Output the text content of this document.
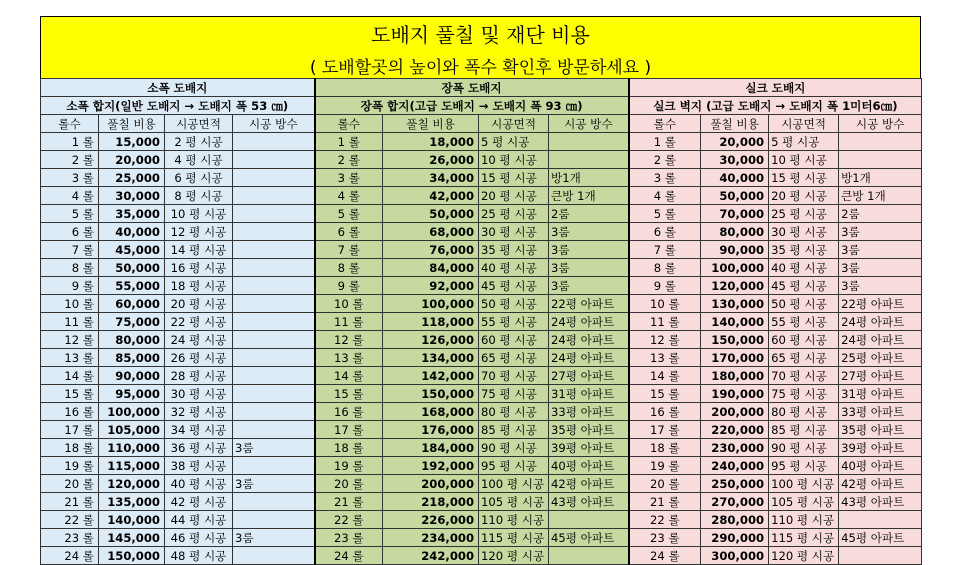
도배지 풀칠 및 재단 비용
( 도배할곳의 높이와 폭수 확인후 방문하세요 )
소폭 도배지				장폭 도배지				실크 도배지			
소폭 합지(일반 도배지 → 도배지 폭 53 ㎝)				장폭 합지(고급 도배지 → 도배지 폭 93 ㎝)				실크 벽지 (고급 도배지 → 도배지 폭 1미터6㎝)			
롤수	풀칠 비용	시공면적	시공 방수	롤수	풀칠 비용	시공면적	시공 방수	롤수	풀칠 비용	시공면적	시공 방수
1 롤	15,000	2 평 시공		1 롤	18,000	5 평 시공		1 롤	20,000	5 평 시공	
2 롤	20,000	4 평 시공		2 롤	26,000	10 평 시공		2 롤	30,000	10 평 시공	
3 롤	25,000	6 평 시공		3 롤	34,000	15 평 시공	방1개	3 롤	40,000	15 평 시공	방1개
4 롤	30,000	8 평 시공		4 롤	42,000	20 평 시공	큰방 1개	4 롤	50,000	20 평 시공	큰방 1개
5 롤	35,000	10 평 시공		5 롤	50,000	25 평 시공	2룸	5 롤	70,000	25 평 시공	2룸
6 롤	40,000	12 평 시공		6 롤	68,000	30 평 시공	3룸	6 롤	80,000	30 평 시공	3룸
7 롤	45,000	14 평 시공		7 롤	76,000	35 평 시공	3룸	7 롤	90,000	35 평 시공	3룸
8 롤	50,000	16 평 시공		8 롤	84,000	40 평 시공	3룸	8 롤	100,000	40 평 시공	3룸
9 롤	55,000	18 평 시공		9 롤	92,000	45 평 시공	3룸	9 롤	120,000	45 평 시공	3룸
10 롤	60,000	20 평 시공		10 롤	100,000	50 평 시공	22평 아파트	10 롤	130,000	50 평 시공	22평 아파트
11 롤	75,000	22 평 시공		11 롤	118,000	55 평 시공	24평 아파트	11 롤	140,000	55 평 시공	24평 아파트
12 롤	80,000	24 평 시공		12 롤	126,000	60 평 시공	24평 아파트	12 롤	150,000	60 평 시공	24평 아파트
13 롤	85,000	26 평 시공		13 롤	134,000	65 평 시공	24평 아파트	13 롤	170,000	65 평 시공	25평 아파트
14 롤	90,000	28 평 시공		14 롤	142,000	70 평 시공	27평 아파트	14 롤	180,000	70 평 시공	27평 아파트
15 롤	95,000	30 평 시공		15 롤	150,000	75 평 시공	31평 아파트	15 롤	190,000	75 평 시공	31평 아파트
16 롤	100,000	32 평 시공		16 롤	168,000	80 평 시공	33평 아파트	16 롤	200,000	80 평 시공	33평 아파트
17 롤	105,000	34 평 시공		17 롤	176,000	85 평 시공	35평 아파트	17 롤	220,000	85 평 시공	35평 아파트
18 롤	110,000	36 평 시공	3룸	18 롤	184,000	90 평 시공	39평 아파트	18 롤	230,000	90 평 시공	39평 아파트
19 롤	115,000	38 평 시공		19 롤	192,000	95 평 시공	40평 아파트	19 롤	240,000	95 평 시공	40평 아파트
20 롤	120,000	40 평 시공	3룸	20 롤	200,000	100 평 시공	42평 아파트	20 롤	250,000	100 평 시공	42평 아파트
21 롤	135,000	42 평 시공		21 롤	218,000	105 평 시공	43평 아파트	21 롤	270,000	105 평 시공	43평 아파트
22 롤	140,000	44 평 시공		22 롤	226,000	110 평 시공		22 롤	280,000	110 평 시공	
23 롤	145,000	46 평 시공	3룸	23 롤	234,000	115 평 시공	45평 아파트	23 롤	290,000	115 평 시공	45평 아파트
24 롤	150,000	48 평 시공		24 롤	242,000	120 평 시공		24 롤	300,000	120 평 시공	
